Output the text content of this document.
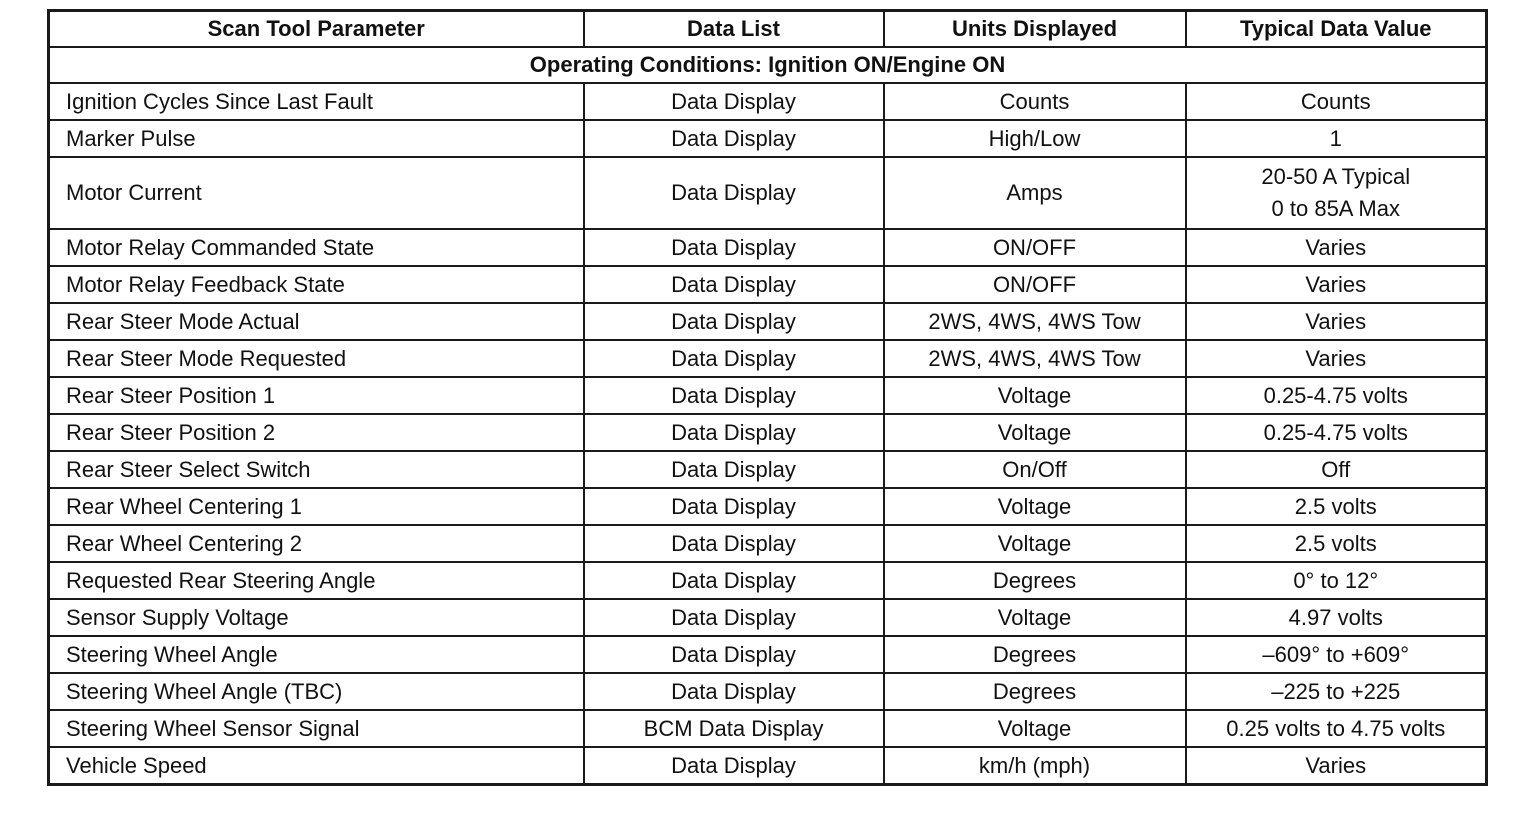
Scan Tool Parameter	Data List	Units Displayed	Typical Data Value
Operating Conditions: Ignition ON/Engine ON			
Ignition Cycles Since Last Fault	Data Display	Counts	Counts

Marker Pulse	Data Display	High/Low	1

Motor Current	Data Display	Amps	20-50 A Typical
0 to 85A Max

Motor Relay Commanded State	Data Display	ON/OFF	Varies

Motor Relay Feedback State	Data Display	ON/OFF	Varies

Rear Steer Mode Actual	Data Display	2WS, 4WS, 4WS Tow	Varies

Rear Steer Mode Requested	Data Display	2WS, 4WS, 4WS Tow	Varies

Rear Steer Position 1	Data Display	Voltage	0.25-4.75 volts

Rear Steer Position 2	Data Display	Voltage	0.25-4.75 volts

Rear Steer Select Switch	Data Display	On/Off	Off

Rear Wheel Centering 1	Data Display	Voltage	2.5 volts

Rear Wheel Centering 2	Data Display	Voltage	2.5 volts

Requested Rear Steering Angle	Data Display	Degrees	0° to 12°

Sensor Supply Voltage	Data Display	Voltage	4.97 volts

Steering Wheel Angle	Data Display	Degrees	–609° to +609°

Steering Wheel Angle (TBC)	Data Display	Degrees	–225 to +225

Steering Wheel Sensor Signal	BCM Data Display	Voltage	0.25 volts to 4.75 volts

Vehicle Speed	Data Display	km/h (mph)	Varies
